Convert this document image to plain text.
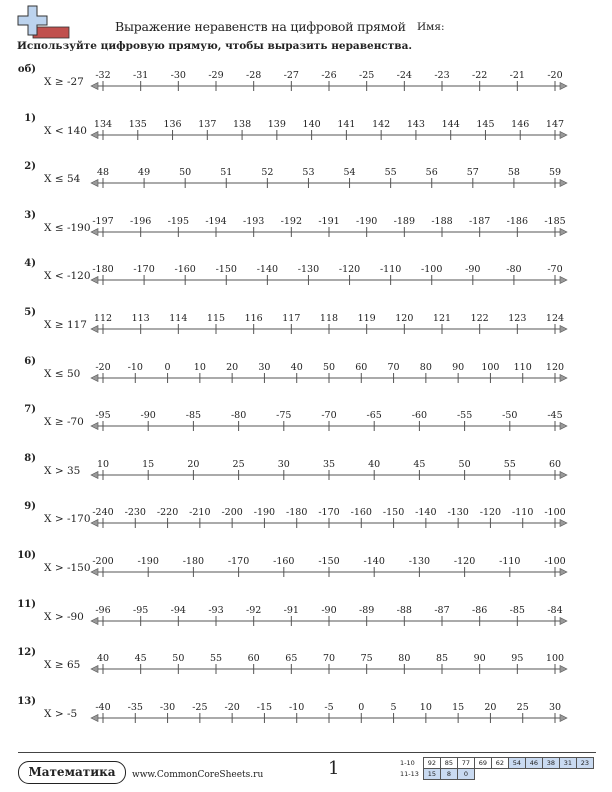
Выражение неравенств на цифровой прямой Имя:
Используйте цифровую прямую, чтобы выразить неравенства.
об)
X ≥ -27
-32 -31 -30 -29 -28 -27 -26 -25 -24 -23 -22 -21 -20
1)
X < 140
134 135 136 137 138 139 140 141 142 143 144 145 146 147
2)
X ≤ 54
48	49	50	51	52	53	54	55	56	57	58	59
3)
X ≤ -190
-197 -196 -195 -194 -193 -192 -191 -190 -189 -188 -187 -186 -185
4)
X < -120
-180 -170 -160 -150 -140 -130 -120 -110 -100 -90	-80	-70
5)
X ≥ 117
112 113 114 115 116 117 118 119 120 121 122 123 124
6)
X ≤ 50
-20 -10 0 10 20 30 40 50 60 70 80 90 100 110 120
7)
X ≥ -70
-95	-90	-85	-80	-75	-70	-65	-60	-55	-50	-45
8)
X > 35
10	15	20	25	30	35	40	45	50	55	60
9)
X > -170
-240 -230 -220 -210 -200 -190 -180 -170 -160 -150 -140 -130 -120 -110 -100
10)
X > -150
-200	-190	-180	-170	-160	-150	-140	-130	-120	-110	-100
11)
X > -90
-96 -95 -94 -93 -92 -91 -90 -89 -88 -87 -86 -85 -84
12)
X ≥ 65
40	45	50	55	60	65	70	75	80	85	90	95 100
13)
X > -5
-40 -35 -30 -25 -20 -15 -10 -5	0	5 10 15 20 25 30
Математика	www.CommonCoreSheets.ru	1	1-10	92	85	77	69	62	54	46	38	31	23
11-13	15	8	0							
